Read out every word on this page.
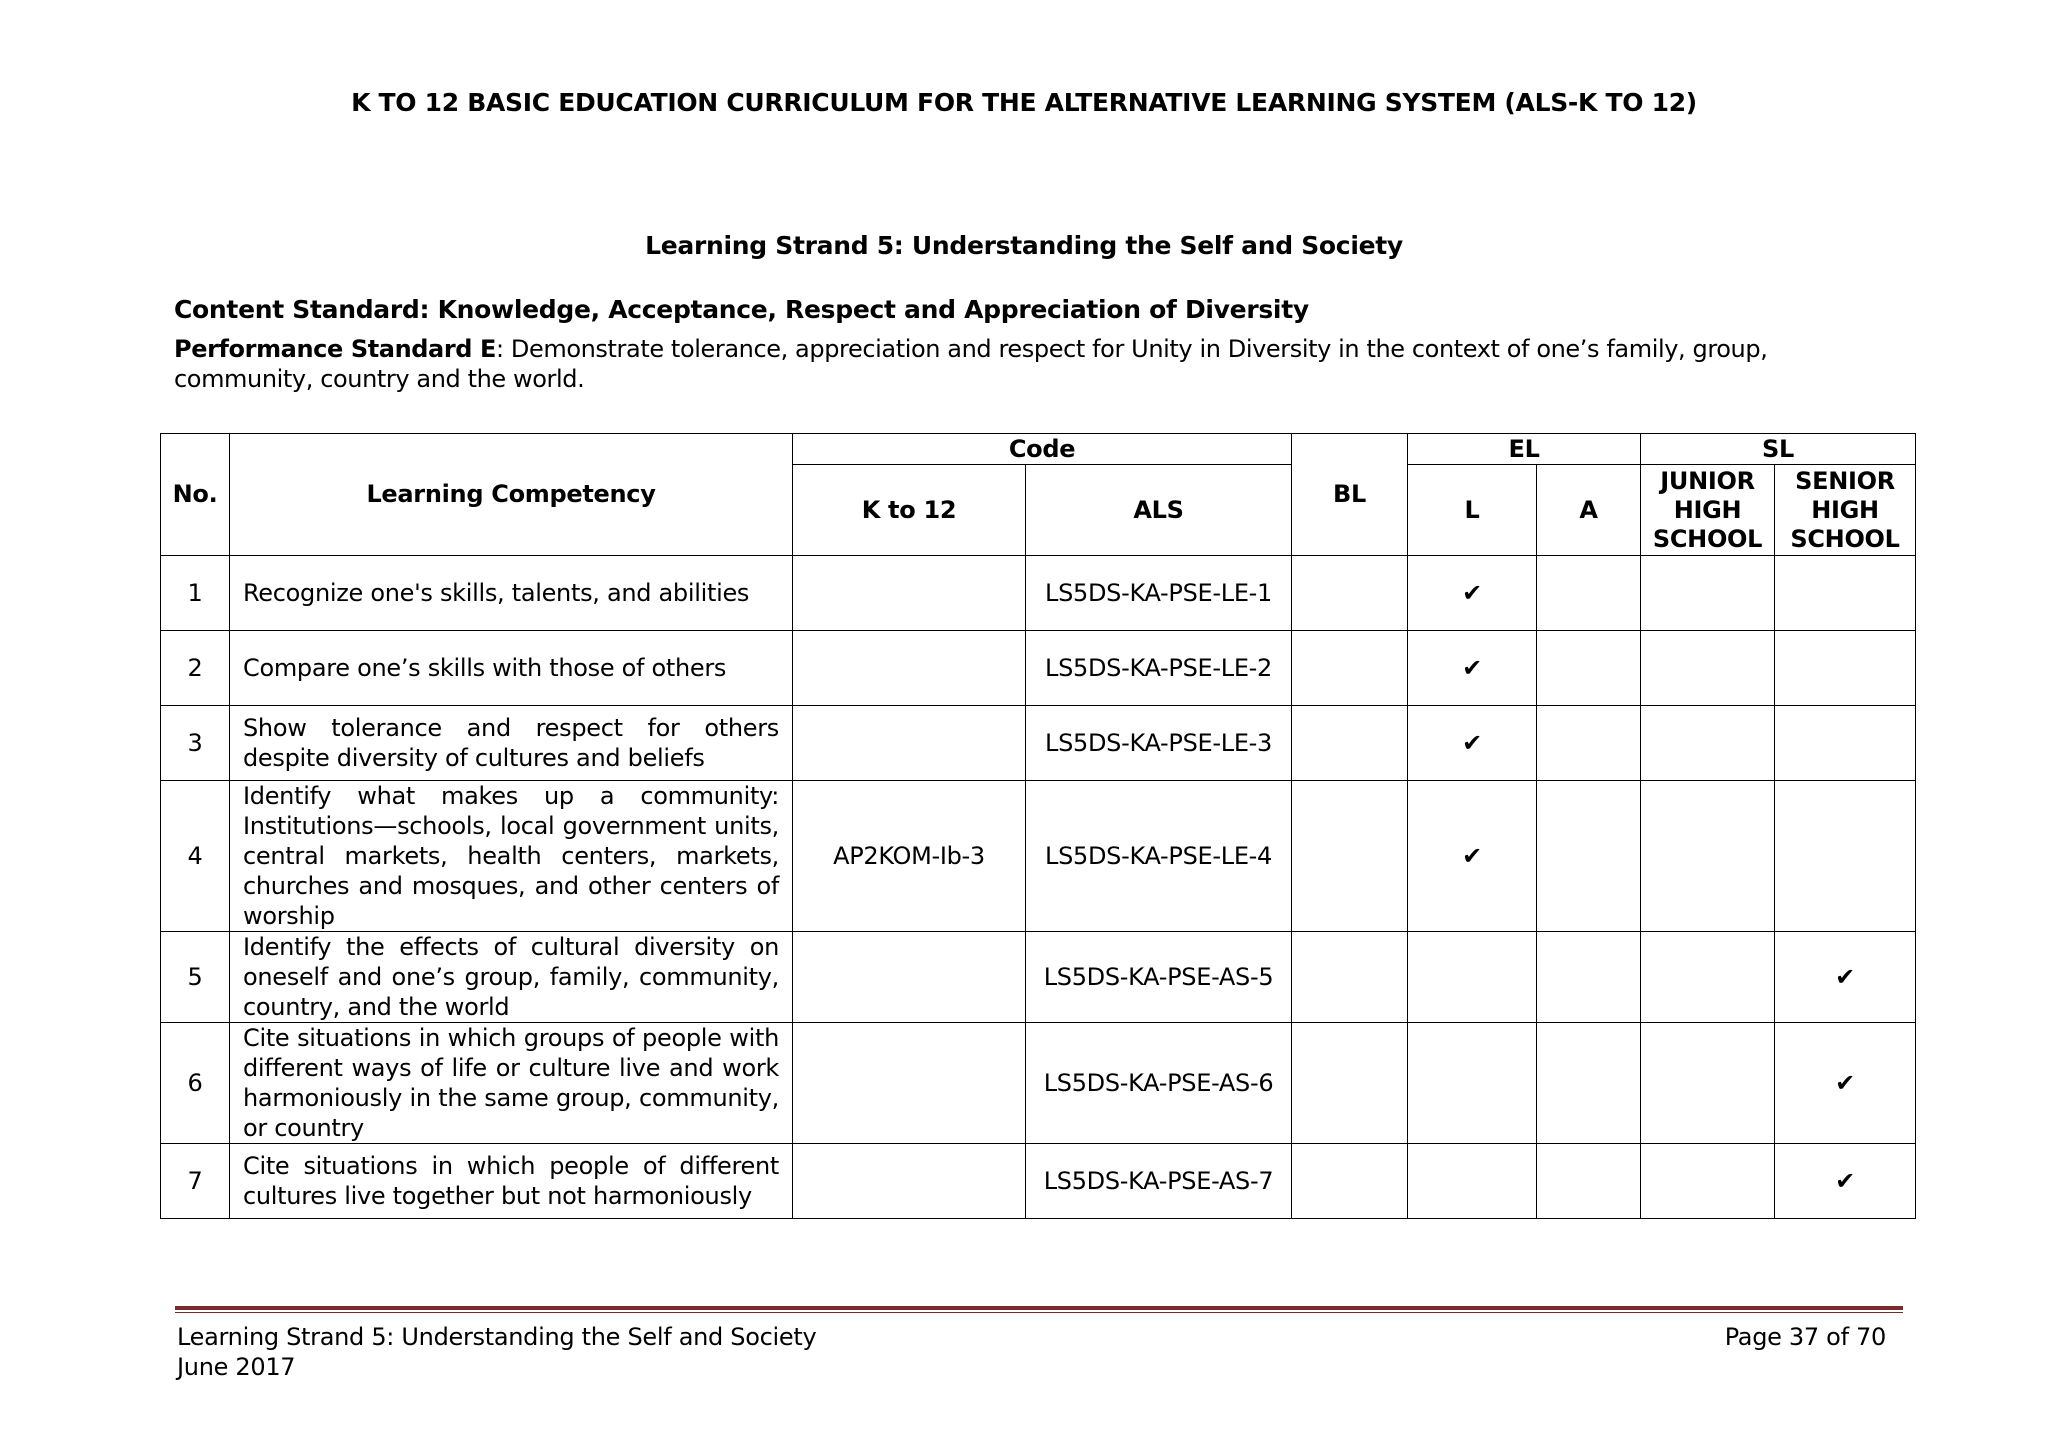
K TO 12 BASIC EDUCATION CURRICULUM FOR THE ALTERNATIVE LEARNING SYSTEM (ALS-K TO 12)
Learning Strand 5: Understanding the Self and Society
Content Standard: Knowledge, Acceptance, Respect and Appreciation of Diversity
Performance Standard E: Demonstrate tolerance, appreciation and respect for Unity in Diversity in the context of one’s family, group, community, country and the world.
No.	Learning Competency	Code		BL	EL		SL	
		K to 12	ALS		L	A	JUNIOR HIGH SCHOOL	SENIOR HIGH SCHOOL
1	Recognize one's skills, talents, and abilities		LS5DS-KA-PSE-LE-1		✔			
2	Compare one’s skills with those of others		LS5DS-KA-PSE-LE-2		✔			
3	Show tolerance and respect for others despite diversity of cultures and beliefs		LS5DS-KA-PSE-LE-3		✔			
4	Identify what makes up a community: Institutions—schools, local government units, central markets, health centers, markets, churches and mosques, and other centers of worship	AP2KOM-Ib-3	LS5DS-KA-PSE-LE-4		✔			
5	Identify the effects of cultural diversity on oneself and one’s group, family, community, country, and the world		LS5DS-KA-PSE-AS-5					✔
6	Cite situations in which groups of people with different ways of life or culture live and work harmoniously in the same group, community, or country		LS5DS-KA-PSE-AS-6					✔
7	Cite situations in which people of different cultures live together but not harmoniously		LS5DS-KA-PSE-AS-7					✔
Learning Strand 5: Understanding the Self and Society
June 2017
Page 37 of 70
